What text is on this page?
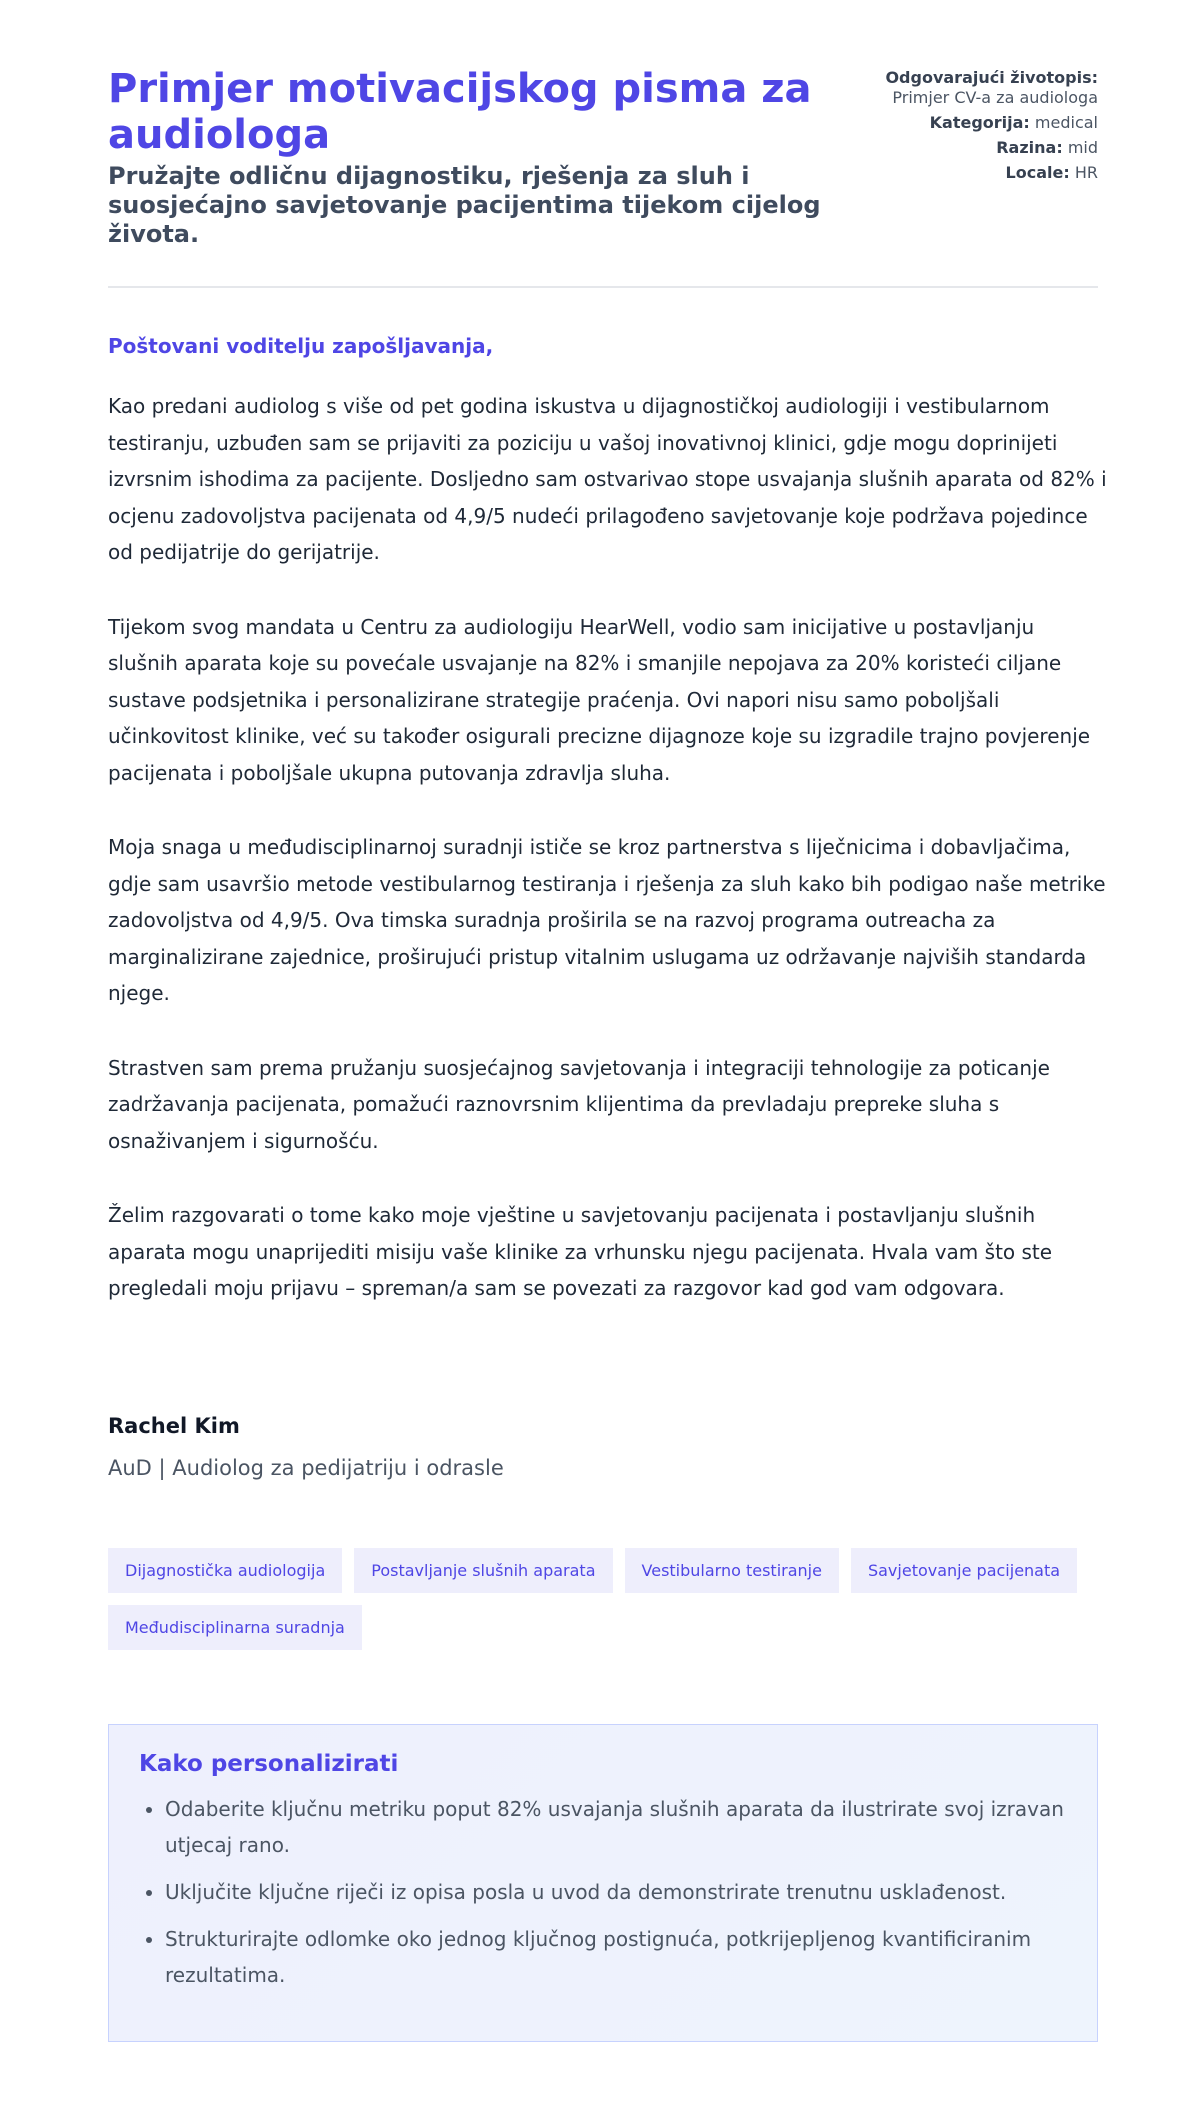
Primjer motivacijskog pisma za audiologa

Pružajte odličnu dijagnostiku, rješenja za sluh i suosjećajno savjetovanje pacijentima tijekom cijelog života.

Odgovarajući životopis: Primjer CV-a za audiologa
Kategorija: medical
Razina: mid
Locale: HR

Poštovani voditelju zapošljavanja,

Kao predani audiolog s više od pet godina iskustva u dijagnostičkoj audiologiji i vestibularnom testiranju, uzbuđen sam se prijaviti za poziciju u vašoj inovativnoj klinici, gdje mogu doprinijeti izvrsnim ishodima za pacijente. Dosljedno sam ostvarivao stope usvajanja slušnih aparata od 82% i ocjenu zadovoljstva pacijenata od 4,9/5 nudeći prilagođeno savjetovanje koje podržava pojedince od pedijatrije do gerijatrije.

Tijekom svog mandata u Centru za audiologiju HearWell, vodio sam inicijative u postavljanju slušnih aparata koje su povećale usvajanje na 82% i smanjile nepojava za 20% koristeći ciljane sustave podsjetnika i personalizirane strategije praćenja. Ovi napori nisu samo poboljšali učinkovitost klinike, već su također osigurali precizne dijagnoze koje su izgradile trajno povjerenje pacijenata i poboljšale ukupna putovanja zdravlja sluha.

Moja snaga u međudisciplinarnoj suradnji ističe se kroz partnerstva s liječnicima i dobavljačima, gdje sam usavršio metode vestibularnog testiranja i rješenja za sluh kako bih podigao naše metrike zadovoljstva od 4,9/5. Ova timska suradnja proširila se na razvoj programa outreacha za marginalizirane zajednice, proširujući pristup vitalnim uslugama uz održavanje najviših standarda njege.

Strastven sam prema pružanju suosjećajnog savjetovanja i integraciji tehnologije za poticanje zadržavanja pacijenata, pomažući raznovrsnim klijentima da prevladaju prepreke sluha s osnaživanjem i sigurnošću.

Želim razgovarati o tome kako moje vještine u savjetovanju pacijenata i postavljanju slušnih aparata mogu unaprijediti misiju vaše klinike za vrhunsku njegu pacijenata. Hvala vam što ste pregledali moju prijavu – spreman/a sam se povezati za razgovor kad god vam odgovara.

Rachel Kim

AuD | Audiolog za pedijatriju i odrasle

Dijagnostička audiologija	Postavljanje slušnih aparata	Vestibularno testiranje	Savjetovanje pacijenata
Međudisciplinarna suradnja
Kako personalizirati
• Odaberite ključnu metriku poput 82% usvajanja slušnih aparata da ilustrirate svoj izravan utjecaj rano.
• Uključite ključne riječi iz opisa posla u uvod da demonstrirate trenutnu usklađenost.
• Strukturirajte odlomke oko jednog ključnog postignuća, potkrijepljenog kvantificiranim rezultatima.
